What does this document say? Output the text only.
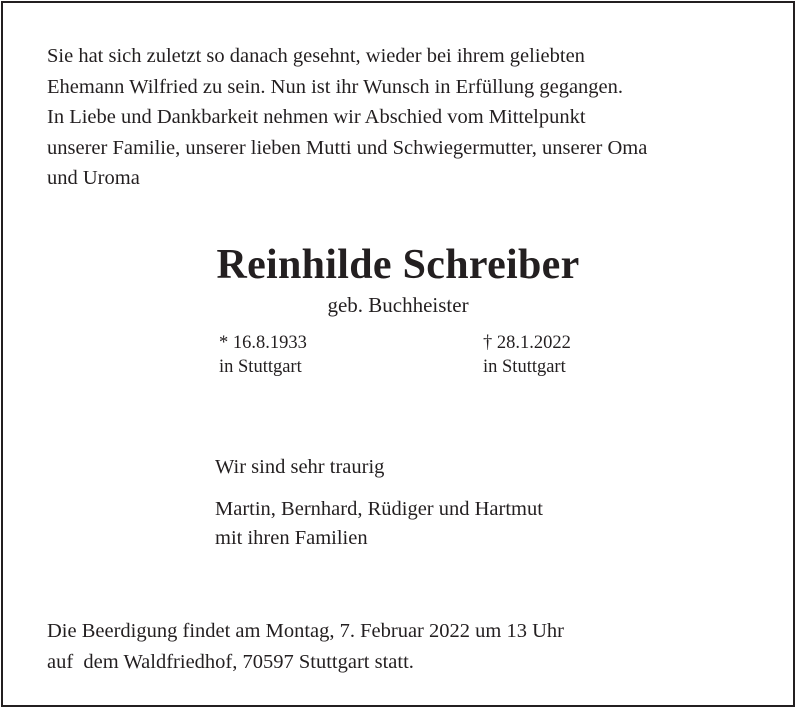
Sie hat sich zuletzt so danach gesehnt, wieder bei ihrem geliebten
Ehemann Wilfried zu sein. Nun ist ihr Wunsch in Erfüllung gegangen.
In Liebe und Dankbarkeit nehmen wir Abschied vom Mittelpunkt
unserer Familie, unserer lieben Mutti und Schwiegermutter, unserer Oma
und Uroma
Reinhilde Schreiber
geb. Buchheister
* 16.8.1933
in Stuttgart
† 28.1.2022
in Stuttgart
Wir sind sehr traurig
Martin, Bernhard, Rüdiger und Hartmut
mit ihren Familien
Die Beerdigung findet am Montag, 7. Februar 2022 um 13 Uhr
auf  dem Waldfriedhof, 70597 Stuttgart statt.
